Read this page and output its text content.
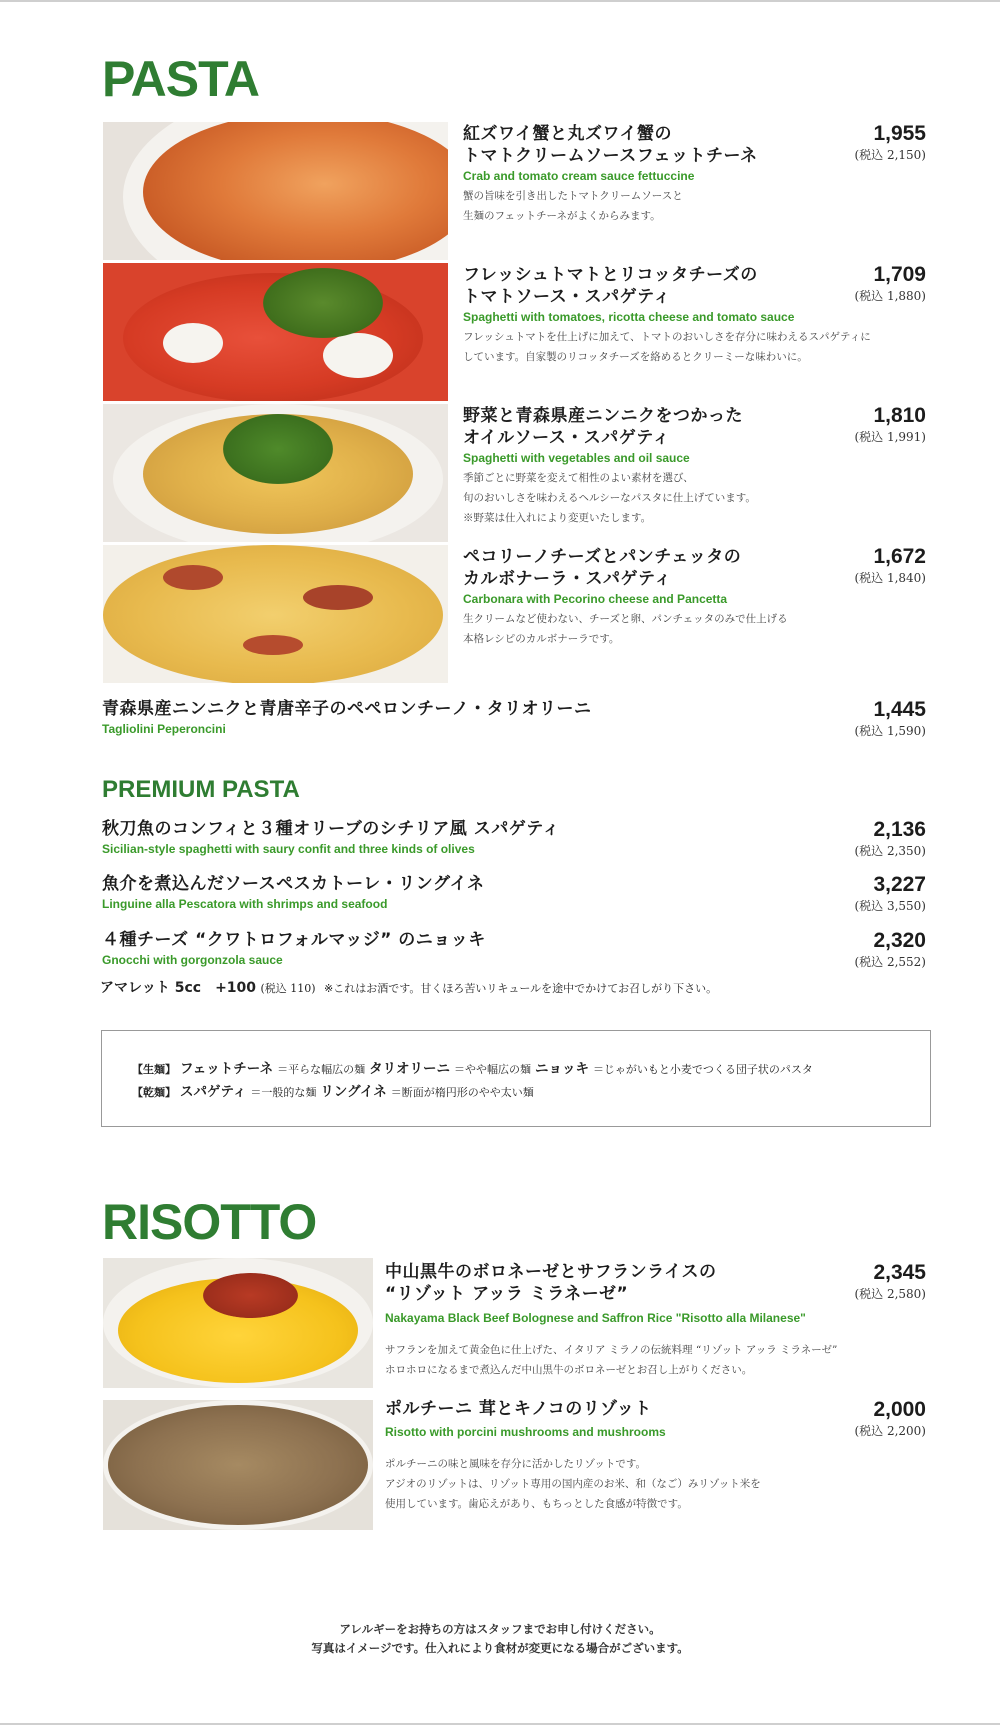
PASTA
紅ズワイ蟹と丸ズワイ蟹の
トマトクリームソースフェットチーネ
Crab and tomato cream sauce fettuccine
蟹の旨味を引き出したトマトクリームソースと
生麺のフェットチーネがよくからみます。
1,955
(税込 2,150)
フレッシュトマトとリコッタチーズの
トマトソース・スパゲティ
Spaghetti with tomatoes, ricotta cheese and tomato sauce
フレッシュトマトを仕上げに加えて、トマトのおいしさを存分に味わえるスパゲティに
しています。自家製のリコッタチーズを絡めるとクリーミーな味わいに。
1,709
(税込 1,880)
野菜と青森県産ニンニクをつかった
オイルソース・スパゲティ
Spaghetti with vegetables and oil sauce
季節ごとに野菜を変えて相性のよい素材を選び、
旬のおいしさを味わえるヘルシーなパスタに仕上げています。
※野菜は仕入れにより変更いたします。
1,810
(税込 1,991)
ペコリーノチーズとパンチェッタの
カルボナーラ・スパゲティ
Carbonara with Pecorino cheese and Pancetta
生クリームなど使わない、チーズと卵、パンチェッタのみで仕上げる
本格レシピのカルボナーラです。
1,672
(税込 1,840)
青森県産ニンニクと青唐辛子のペペロンチーノ・タリオリーニ
Tagliolini Peperoncini
1,445
(税込 1,590)
PREMIUM PASTA
秋刀魚のコンフィと３種オリーブのシチリア風 スパゲティ
Sicilian-style spaghetti with saury confit and three kinds of olives
2,136
(税込 2,350)
魚介を煮込んだソースペスカトーレ・リングイネ
Linguine alla Pescatora with shrimps and seafood
3,227
(税込 3,550)
４種チーズ “クワトロフォルマッジ” のニョッキ
Gnocchi with gorgonzola sauce
2,320
(税込 2,552)
アマレット 5cc　+100 (税込 110) ※これはお酒です。甘くほろ苦いリキュールを途中でかけてお召しがり下さい。
【生麺】 フェットチーネ ＝平らな幅広の麺 タリオリーニ ＝やや幅広の麺 ニョッキ ＝じゃがいもと小麦でつくる団子状のパスタ
【乾麺】 スパゲティ ＝一般的な麺 リングイネ ＝断面が楕円形のやや太い麺
RISOTTO
中山黒牛のボロネーゼとサフランライスの
“リゾット アッラ ミラネーゼ”
Nakayama Black Beef Bolognese and Saffron Rice "Risotto alla Milanese"
サフランを加えて黄金色に仕上げた、イタリア ミラノの伝統料理 “リゾット アッラ ミラネーゼ”
ホロホロになるまで煮込んだ中山黒牛のボロネーゼとお召し上がりください。
2,345
(税込 2,580)
ポルチーニ 茸とキノコのリゾット
Risotto with porcini mushrooms and mushrooms
ポルチーニの味と風味を存分に活かしたリゾットです。
アジオのリゾットは、リゾット専用の国内産のお米、和（なご）みリゾット米を
使用しています。歯応えがあり、もちっとした食感が特徴です。
2,000
(税込 2,200)
アレルギーをお持ちの方はスタッフまでお申し付けください。
写真はイメージです。仕入れにより食材が変更になる場合がございます。
